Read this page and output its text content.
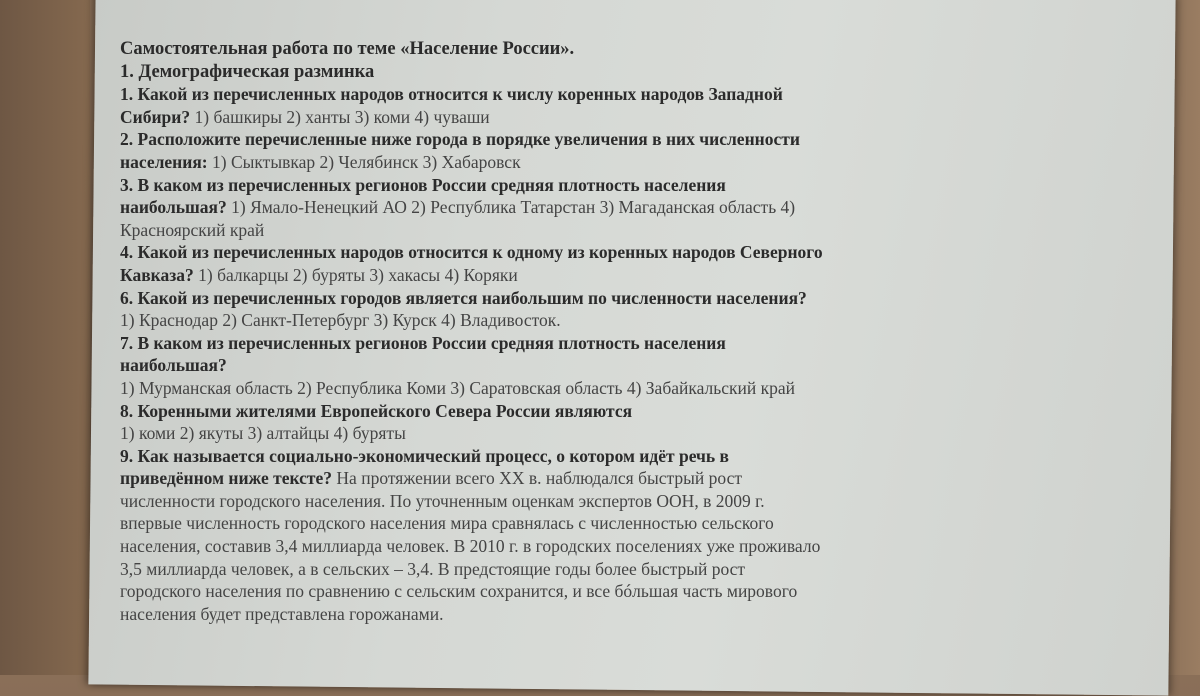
Самостоятельная работа по теме «Население России».
1. Демографическая разминка
1. Какой из перечисленных народов относится к числу коренных народов Западной
Сибири? 1) башкиры 2) ханты 3) коми 4) чуваши
2. Расположите перечисленные ниже города в порядке увеличения в них численности
населения: 1) Сыктывкар 2) Челябинск 3) Хабаровск
3. В каком из перечисленных регионов России средняя плотность населения
наибольшая? 1) Ямало-Ненецкий АО 2) Республика Татарстан 3) Магаданская область 4)
Красноярский край
4. Какой из перечисленных народов относится к одному из коренных народов Северного
Кавказа? 1) балкарцы 2) буряты 3) хакасы 4) Коряки
6. Какой из перечисленных городов является наибольшим по численности населения?
1) Краснодар 2) Санкт-Петербург 3) Курск 4) Владивосток.
7. В каком из перечисленных регионов России средняя плотность населения
наибольшая?
1) Мурманская область 2) Республика Коми 3) Саратовская область 4) Забайкальский край
8. Коренными жителями Европейского Севера России являются
1) коми 2) якуты 3) алтайцы 4) буряты
9. Как называется социально-экономический процесс, о котором идёт речь в
приведённом ниже тексте? На протяжении всего XX в. наблюдался быстрый рост
численности городского населения. По уточненным оценкам экспертов ООН, в 2009 г.
впервые численность городского населения мира сравнялась с численностью сельского
населения, составив 3,4 миллиарда человек. В 2010 г. в городских поселениях уже проживало
3,5 миллиарда человек, а в сельских – 3,4. В предстоящие годы более быстрый рост
городского населения по сравнению с сельским сохранится, и все бóльшая часть мирового
населения будет представлена горожанами.
